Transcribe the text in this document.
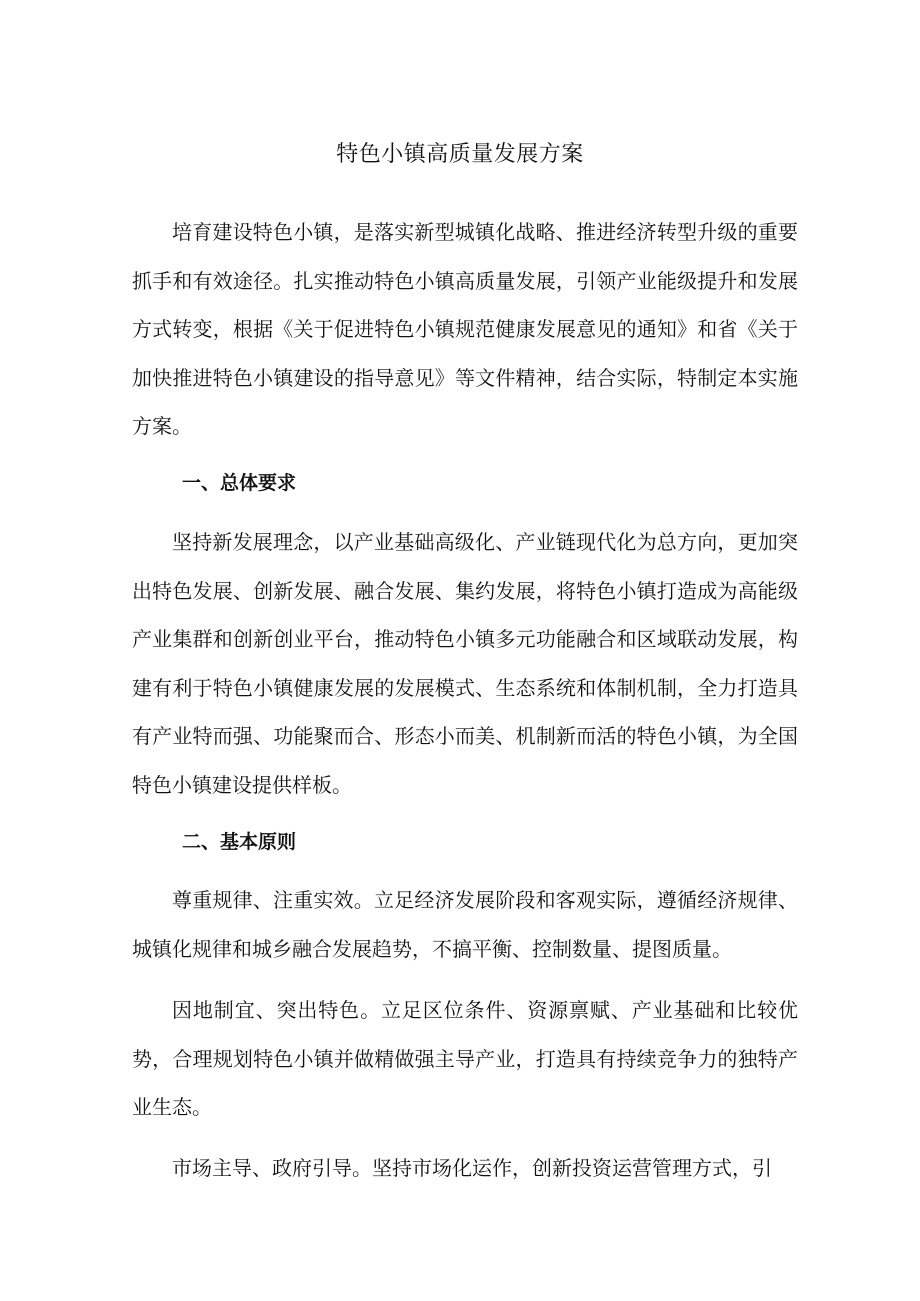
特色小镇高质量发展方案

培育建设特色小镇，是落实新型城镇化战略、推进经济转型升级的重要抓手和有效途径。扎实推动特色小镇高质量发展，引领产业能级提升和发展方式转变，根据《关于促进特色小镇规范健康发展意见的通知》和省《关于加快推进特色小镇建设的指导意见》等文件精神，结合实际，特制定本实施方案。

一、总体要求

坚持新发展理念，以产业基础高级化、产业链现代化为总方向，更加突出特色发展、创新发展、融合发展、集约发展，将特色小镇打造成为高能级产业集群和创新创业平台，推动特色小镇多元功能融合和区域联动发展，构建有利于特色小镇健康发展的发展模式、生态系统和体制机制，全力打造具有产业特而强、功能聚而合、形态小而美、机制新而活的特色小镇，为全国特色小镇建设提供样板。

二、基本原则

尊重规律、注重实效。立足经济发展阶段和客观实际，遵循经济规律、城镇化规律和城乡融合发展趋势，不搞平衡、控制数量、提图质量。

因地制宜、突出特色。立足区位条件、资源禀赋、产业基础和比较优势，合理规划特色小镇并做精做强主导产业，打造具有持续竞争力的独特产业生态。

市场主导、政府引导。坚持市场化运作，创新投资运营管理方式，引
